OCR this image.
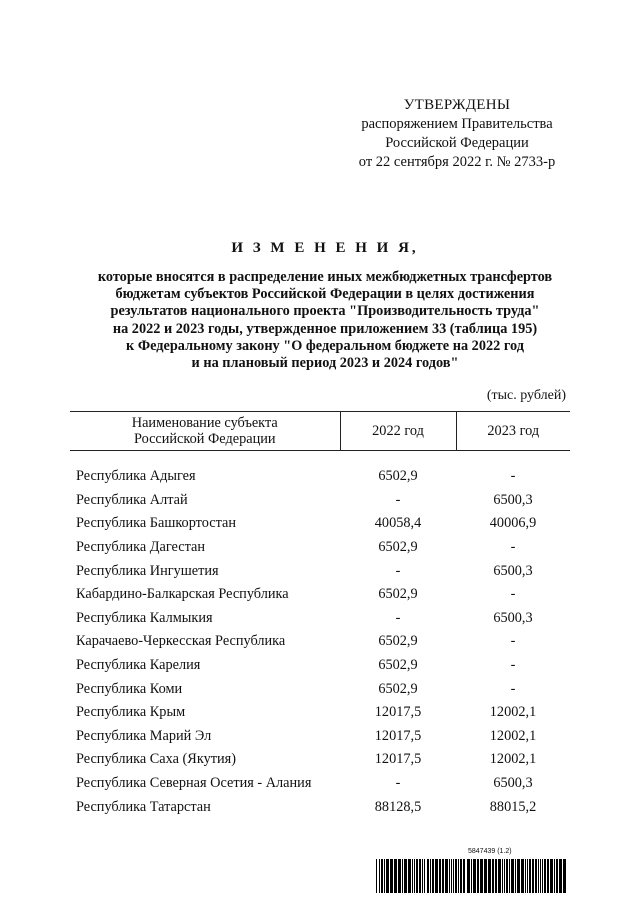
УТВЕРЖДЕНЫ
распоряжением Правительства
Российской Федерации
от 22 сентября 2022 г. № 2733-р
И З М Е Н Е Н И Я,
которые вносятся в распределение иных межбюджетных трансфертов
бюджетам субъектов Российской Федерации в целях достижения
результатов национального проекта "Производительность труда"
на 2022 и 2023 годы, утвержденное приложением 33 (таблица 195)
к Федеральному закону "О федеральном бюджете на 2022 год
и на плановый период 2023 и 2024 годов"
(тыс. рублей)
Наименование субъекта
Российской Федерации	2022 год	2023 год

Республика Адыгея	6502,9	-
Республика Алтай	-	6500,3
Республика Башкортостан	40058,4	40006,9
Республика Дагестан	6502,9	-
Республика Ингушетия	-	6500,3
Кабардино-Балкарская Республика	6502,9	-
Республика Калмыкия	-	6500,3
Карачаево-Черкесская Республика	6502,9	-
Республика Карелия	6502,9	-
Республика Коми	6502,9	-
Республика Крым	12017,5	12002,1
Республика Марий Эл	12017,5	12002,1
Республика Саха (Якутия)	12017,5	12002,1
Республика Северная Осетия - Алания	-	6500,3
Республика Татарстан	88128,5	88015,2
5847439 (1.2)
